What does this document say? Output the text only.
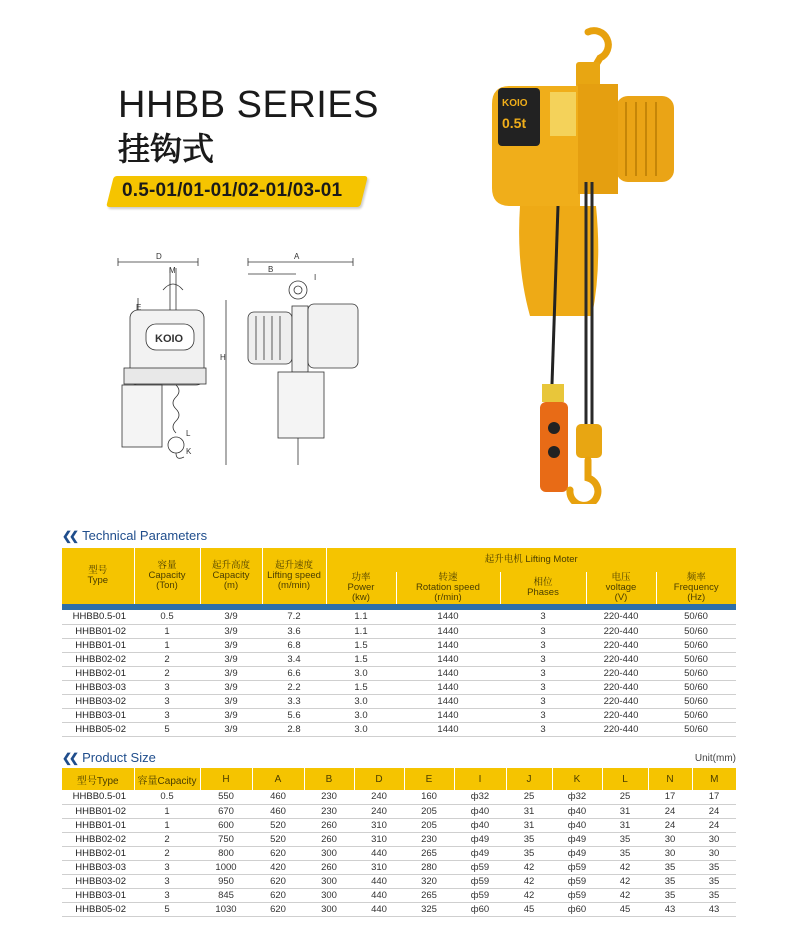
HHBB SERIES
挂钩式
0.5-01/01-01/02-01/03-01
D
M
E
H
L
K
A
B
I
KOIO
KOIO
0.5t
❮❮ Technical Parameters
型号
Type	容量
Capacity
(Ton)	起升高度
Capacity
(m)	起升速度
Lifting speed
(m/min)	起升电机 Lifting Moter				
				功率
Power
(kw)	转速
Rotation speed
(r/min)	相位
Phases	电压
voltage
(V)	频率
Frequency
(Hz)

HHBB0.5-01	0.5	3/9	7.2	1.1	1440	3	220-440	50/60
HHBB01-02	1	3/9	3.6	1.1	1440	3	220-440	50/60
HHBB01-01	1	3/9	6.8	1.5	1440	3	220-440	50/60
HHBB02-02	2	3/9	3.4	1.5	1440	3	220-440	50/60
HHBB02-01	2	3/9	6.6	3.0	1440	3	220-440	50/60
HHBB03-03	3	3/9	2.2	1.5	1440	3	220-440	50/60
HHBB03-02	3	3/9	3.3	3.0	1440	3	220-440	50/60
HHBB03-01	3	3/9	5.6	3.0	1440	3	220-440	50/60
HHBB05-02	5	3/9	2.8	3.0	1440	3	220-440	50/60
❮❮ Product Size	Unit(mm)
型号Type	容量Capacity	H	A	B	D	E	I	J	K	L	N	M
HHBB0.5-01	0.5	550	460	230	240	160	ф32	25	ф32	25	17	17
HHBB01-02	1	670	460	230	240	205	ф40	31	ф40	31	24	24
HHBB01-01	1	600	520	260	310	205	ф40	31	ф40	31	24	24
HHBB02-02	2	750	520	260	310	230	ф49	35	ф49	35	30	30
HHBB02-01	2	800	620	300	440	265	ф49	35	ф49	35	30	30
HHBB03-03	3	1000	420	260	310	280	ф59	42	ф59	42	35	35
HHBB03-02	3	950	620	300	440	320	ф59	42	ф59	42	35	35
HHBB03-01	3	845	620	300	440	265	ф59	42	ф59	42	35	35
HHBB05-02	5	1030	620	300	440	325	ф60	45	ф60	45	43	43
